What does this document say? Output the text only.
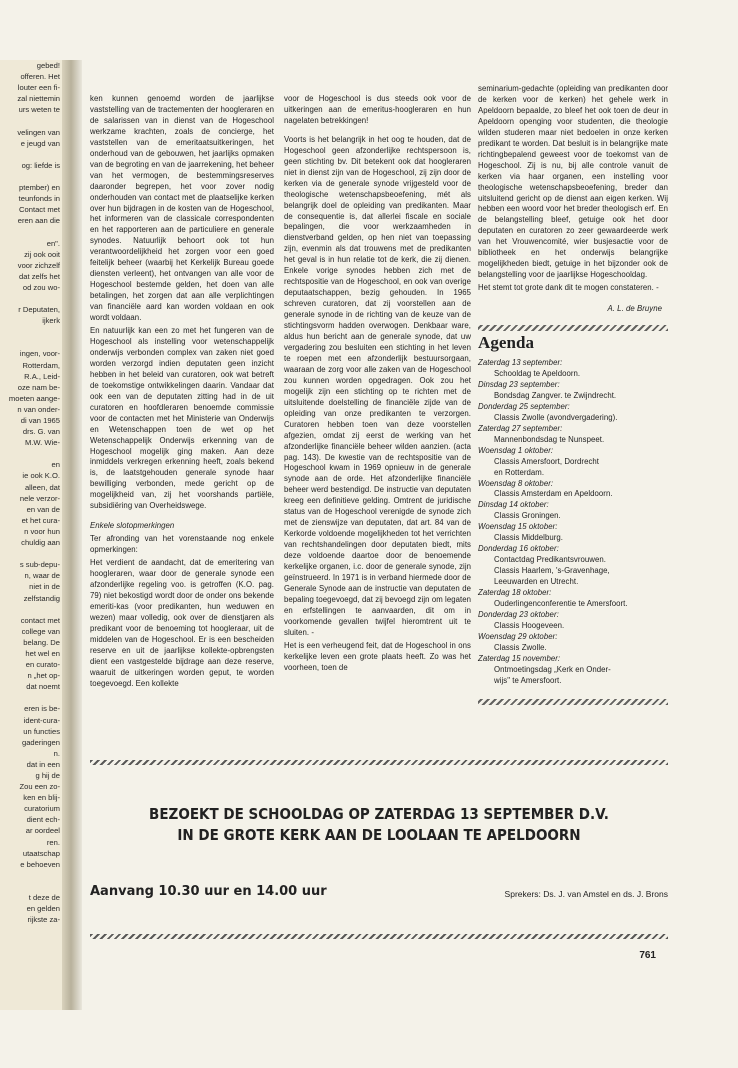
gebed!
offeren. Het
louter een fi-
zal niettemin
urs weten te

velingen van
e jeugd van

og: liefde is

ptember) en
teunfonds in
Contact met
eren aan die

en".
zij ook ooit
voor zichzelf
dat zelfs het
od zou wo-

r Deputaten,
ijkerk

ingen, voor-
Rotterdam,
R.A., Leid-
oze nam be-
moeten aange-
n van onder-
di van 1965
drs. G. van
M.W. Wie-

en
ie ook K.O.
alleen, dat
nele verzor-
en van de
et het cura-
n voor hun
chuldig aan

s sub-depu-
n, waar de
niet in de
zelfstandig

contact met
college van
belang. De
het wel en
en curato-
n „het op-
dat noemt

eren is be-
ident-cura-
un functies
gaderingen
n.
dat in een
g hij de
Zou een zo-
ken en blij-
curatorium
dient ech-
ar oordeel
ren.
utaatschap
e behoeven

t deze de
en gelden
rijkste za-

ken kunnen genoemd worden de jaarlijkse vaststelling van de tractementen der hoogleraren en de salarissen van in dienst van de Hogeschool werkzame krachten, zoals de concierge, het vaststellen van de emeritaatsuitkeringen, het onderhoud van de gebouwen, het jaarlijks opmaken van de begroting en van de jaarrekening, het beheer van het vermogen, de bestemmingsreserves daaronder begrepen, het voor zover nodig onderhouden van contact met de plaatselijke kerken over hun bijdragen in de kosten van de Hogeschool, het informeren van de classicale correspondenten en het rapporteren aan de particuliere en generale synodes. Natuurlijk behoort ook tot hun verantwoordelijkheid het zorgen voor een goed feitelijk beheer (waarbij het Kerkelijk Bureau goede diensten verleent), het ontvangen van alle voor de Hogeschool bestemde gelden, het doen van alle betalingen, het zorgen dat aan alle verplichtingen van financiële aard kan worden voldaan en ook wordt voldaan.

En natuurlijk kan een zo met het fungeren van de Hogeschool als instelling voor wetenschappelijk onderwijs verbonden complex van zaken niet goed worden verzorgd indien deputaten geen inzicht hebben in het beleid van curatoren, ook wat betreft de toekomstige ontwikkelingen daarin. Vandaar dat ook een van de deputaten zitting had in de uit curatoren en hoofdleraren benoemde commissie voor de contacten met het Ministerie van Onderwijs en Wetenschappen toen de wet op het Wetenschappelijk Onderwijs erkenning van de Hogeschool mogelijk ging maken. Aan deze inmiddels verkregen erkenning heeft, zoals bekend is, de laatstgehouden generale synode haar bewilliging verbonden, mede gericht op de mogelijkheid van, zij het voorshands partiële, subsidiëring van Overheidswege.

Enkele slotopmerkingen

Ter afronding van het vorenstaande nog enkele opmerkingen:

Het verdient de aandacht, dat de emeritering van hoogleraren, waar door de generale synode een afzonderlijke regeling voo. is getroffen (K.O. pag. 79) niet bekostigd wordt door de onder ons bekende emeriti-kas (voor predikanten, hun weduwen en wezen) maar volledig, ook over de dienstjaren als predikant voor de benoeming tot hoogleraar, uit de middelen van de Hogeschool. Er is een bescheiden reserve en uit de jaarlijkse kollekte-opbrengsten dient een vastgestelde bijdrage aan deze reserve, waaruit de uitkeringen worden geput, te worden toegevoegd. Een kollekte

voor de Hogeschool is dus steeds ook voor de uitkeringen aan de emeritus-hoogleraren en hun nagelaten betrekkingen!

Voorts is het belangrijk in het oog te houden, dat de Hogeschool geen afzonderlijke rechtspersoon is, geen stichting bv. Dit betekent ook dat hoogleraren niet in dienst zijn van de Hogeschool, zij zijn door de kerken via de generale synode vrijgesteld voor de theologische wetenschapsbeoefening, mét als belangrijk doel de opleiding van predikanten. Maar de consequentie is, dat allerlei fiscale en sociale bepalingen, die voor werkzaamheden in dienstverband gelden, op hen niet van toepassing zijn, evenmin als dat trouwens met de predikanten het geval is in hun relatie tot de kerk, die zij dienen. Enkele vorige synodes hebben zich met de rechtspositie van de Hogeschool, en ook van overige deputaatschappen, bezig gehouden. In 1965 schreven curatoren, dat zij voorstellen aan de generale synode in de richting van de keuze van de stichtingsvorm hadden overwogen. Denkbaar ware, aldus hun bericht aan de generale synode, dat uw vergadering zou besluiten een stichting in het leven te roepen met een afzonderlijk bestuursorgaan, waaraan de zorg voor alle zaken van de Hogeschool zou kunnen worden opgedragen. Ook zou het mogelijk zijn een stichting op te richten met de uitsluitende doelstelling de financiële zijde van de opleiding van onze predikanten te verzorgen. Curatoren hebben toen van deze voorstellen afgezien, omdat zij eerst de werking van het afzonderlijke financiële beheer wilden aanzien. (acta pag. 143). De kwestie van de rechtspositie van de Hogeschool kwam in 1969 opnieuw in de generale synode aan de orde. Het afzonderlijke financiële beheer werd bestendigd. De instructie van deputaten kreeg een definitieve gelding. Omtrent de juridische status van de Hogeschool verenigde de synode zich met de zienswijze van deputaten, dat art. 84 van de Kerkorde voldoende mogelijkheden tot het verrichten van rechtshandelingen door deputaten biedt, mits deze voldoende daartoe door de benoemende kerkelijke organen, i.c. door de generale synode, zijn geïnstrueerd. In 1971 is in verband hiermede door de Generale Synode aan de instructie van deputaten de bepaling toegevoegd, dat zij bevoegd zijn om legaten en erfstellingen te aanvaarden, dit om in voorkomende gevallen twijfel hieromtrent uit te sluiten. -

Het is een verheugend feit, dat de Hogeschool in ons kerkelijke leven een grote plaats heeft. Zo was het voorheen, toen de

seminarium-gedachte (opleiding van predikanten door de kerken voor de kerken) het gehele werk in Apeldoorn bepaalde, zo bleef het ook toen de deur in Apeldoorn openging voor studenten, die theologie wilden studeren maar niet bedoelen in onze kerken predikant te worden. Dat besluit is in belangrijke mate richtingbepalend geweest voor de toekomst van de Hogeschool. Zij is nu, bij alle controle vanuit de kerken via haar organen, een instelling voor theologische wetenschapsbeoefening, breder dan uitsluitend gericht op de dienst aan eigen kerken. Wij hebben een woord voor het breder theologisch erf. En de belangstelling bleef, getuige ook het door deputaten en curatoren zo zeer gewaardeerde werk van het Vrouwencomité, wier busjesactie voor de bibliotheek en het onderwijs belangrijke mogelijkheden biedt, getuige in het bijzonder ook de belangstelling voor de jaarlijkse Hogeschooldag.

Het stemt tot grote dank dit te mogen constateren. -

A. L. de Bruyne
Agenda
Zaterdag 13 september:
Schooldag te Apeldoorn.
Dinsdag 23 september:
Bondsdag Zangver. te Zwijndrecht.
Donderdag 25 september:
Classis Zwolle (avondvergadering).
Zaterdag 27 september:
Mannenbondsdag te Nunspeet.
Woensdag 1 oktober:
Classis Amersfoort, Dordrecht
en Rotterdam.
Woensdag 8 oktober:
Classis Amsterdam en Apeldoorn.
Dinsdag 14 oktober:
Classis Groningen.
Woensdag 15 oktober:
Classis Middelburg.
Donderdag 16 oktober:
Contactdag Predikantsvrouwen.
Classis Haarlem, 's-Gravenhage,
Leeuwarden en Utrecht.
Zaterdag 18 oktober:
Ouderlingenconferentie te Amersfoort.
Donderdag 23 oktober:
Classis Hoogeveen.
Woensdag 29 oktober:
Classis Zwolle.
Zaterdag 15 november:
Ontmoetingsdag „Kerk en Onder-
wijs" te Amersfoort.
BEZOEKT DE SCHOOLDAG OP ZATERDAG 13 SEPTEMBER D.V.
IN DE GROTE KERK AAN DE LOOLAAN TE APELDOORN
Aanvang 10.30 uur en 14.00 uur	Sprekers: Ds. J. van Amstel en ds. J. Brons
761
